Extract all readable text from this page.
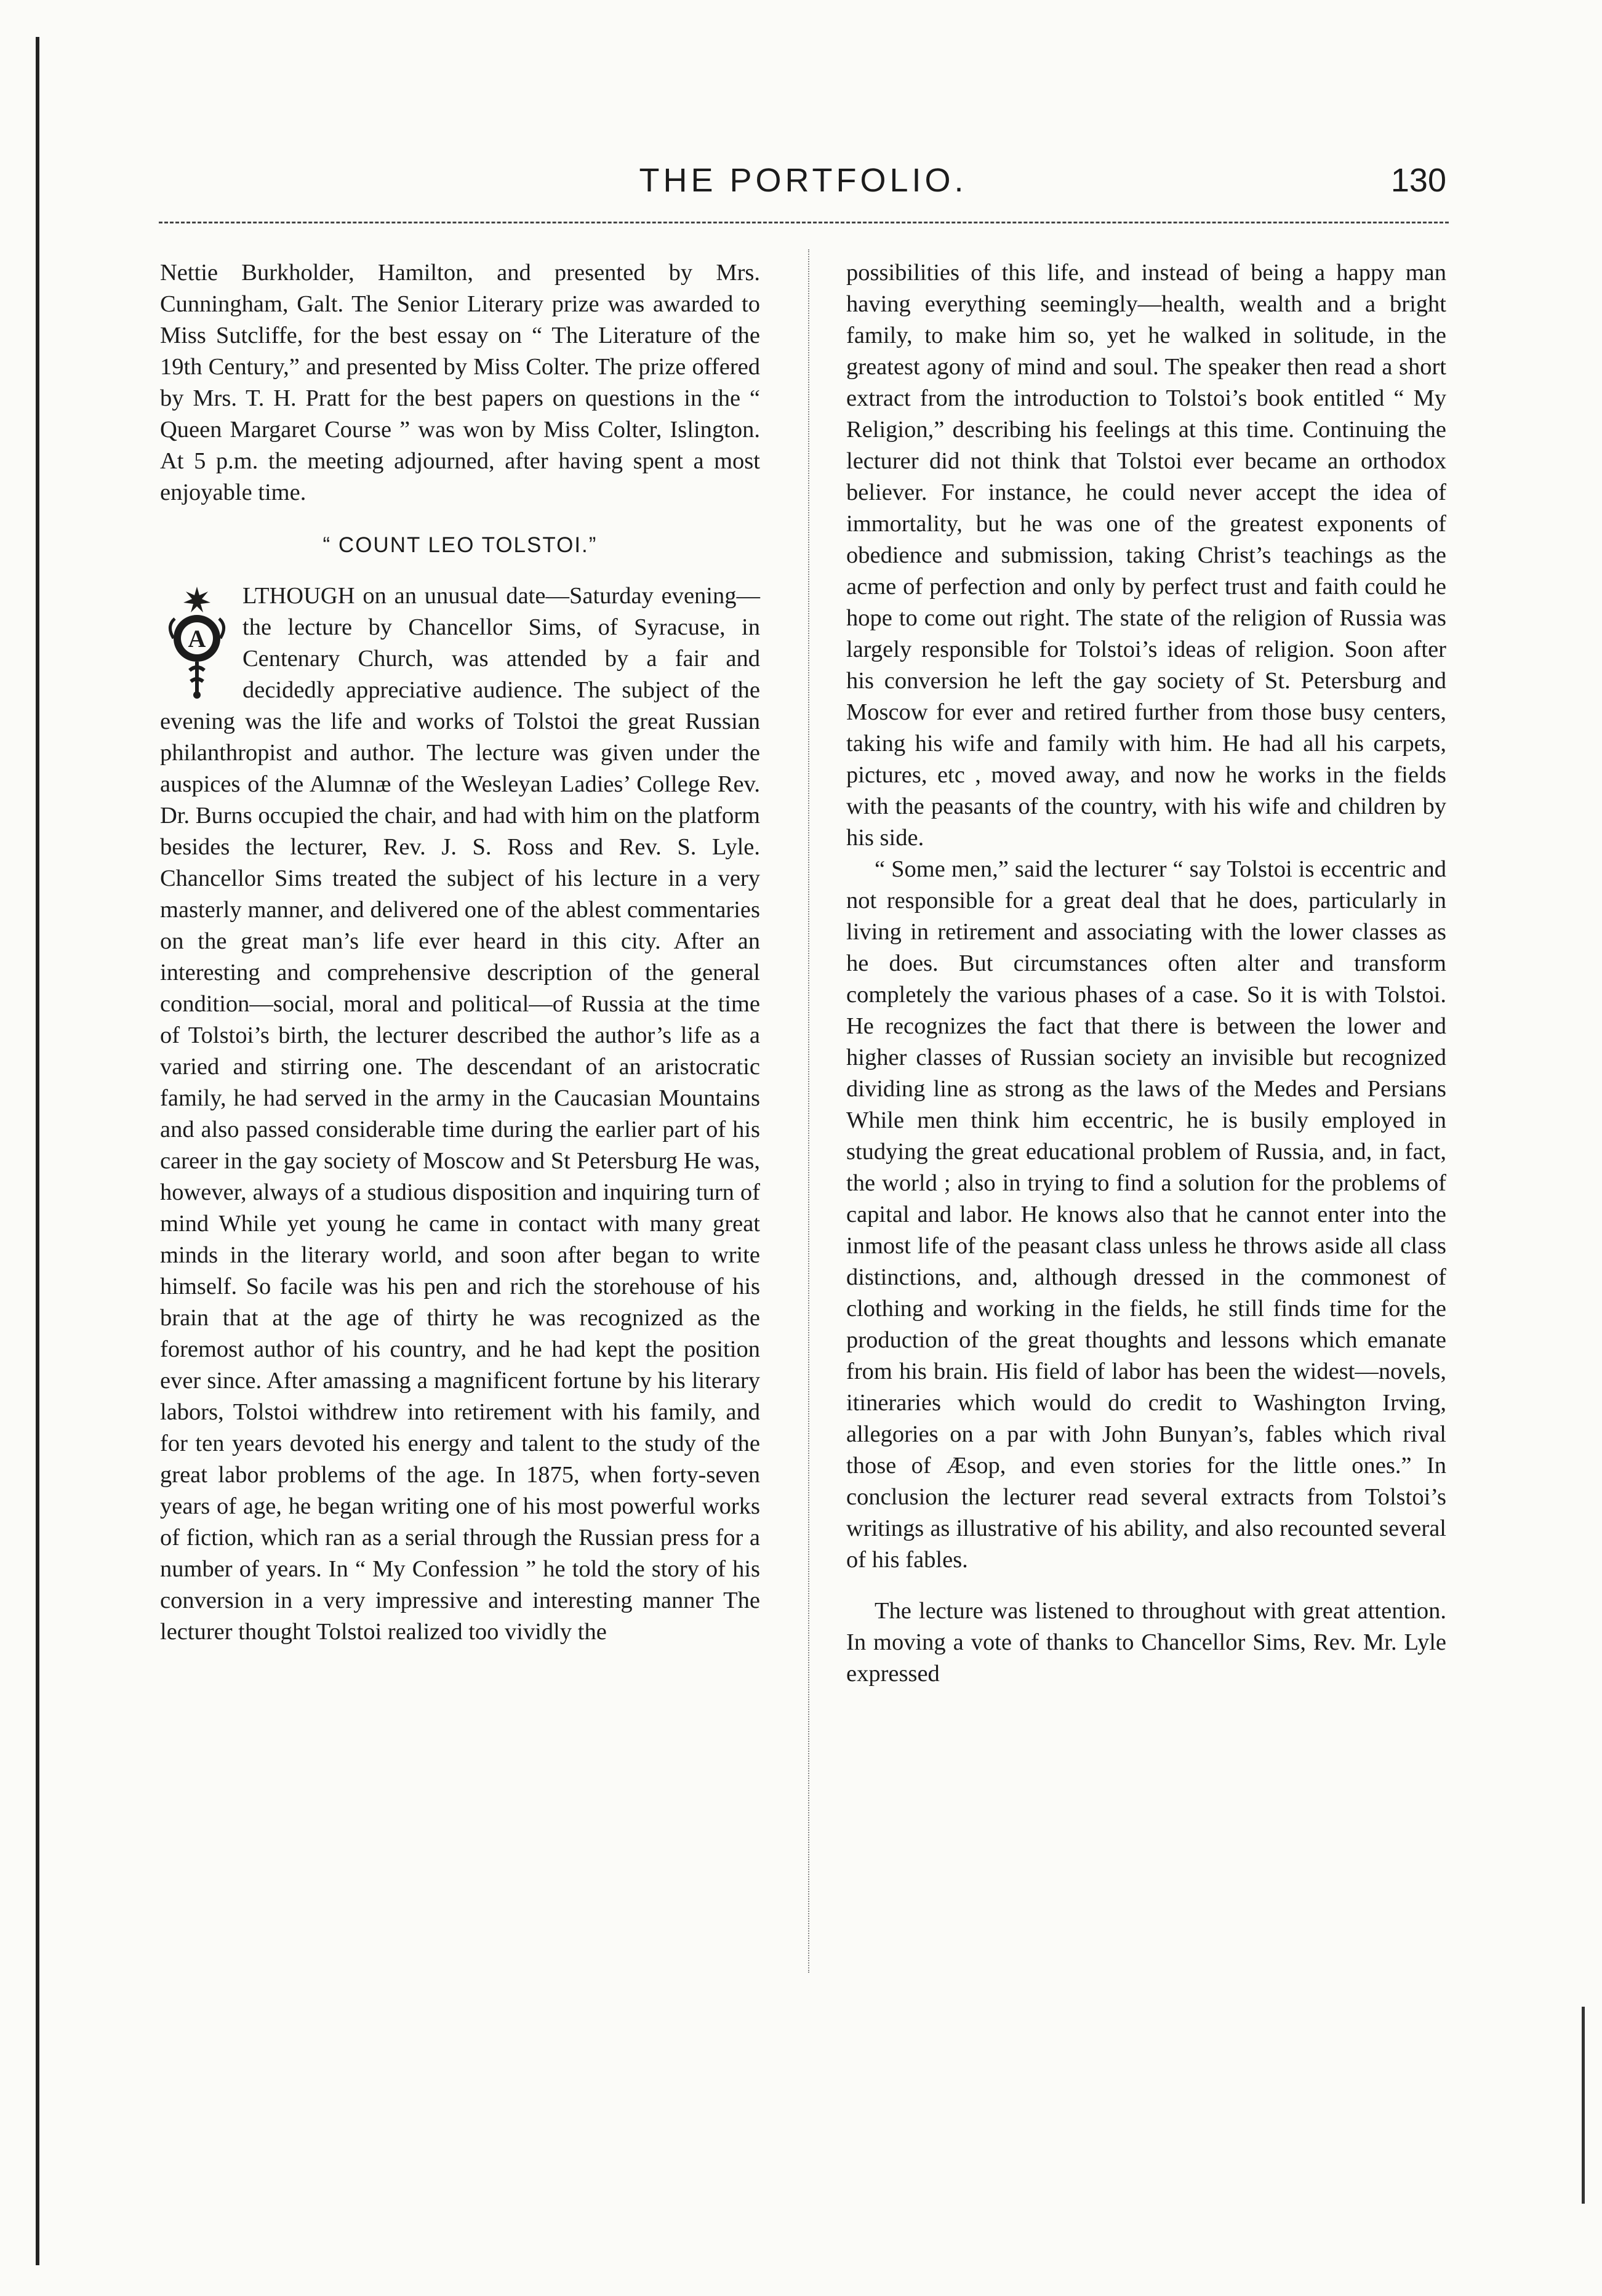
THE PORTFOLIO.	130

Nettie Burkholder, Hamilton, and presented by Mrs. Cunningham, Galt. The Senior Literary prize was awarded to Miss Sutcliffe, for the best essay on “ The Literature of the 19th Century,” and presented by Miss Colter. The prize offered by Mrs. T. H. Pratt for the best papers on questions in the “ Queen Margaret Course ” was won by Miss Colter, Islington. At 5 p.m. the meeting adjourned, after having spent a most enjoyable time.

“ COUNT LEO TOLSTOI.”

A

LTHOUGH on an unusual date—Saturday evening—the lecture by Chancellor Sims, of Syracuse, in Centenary Church, was attended by a fair and decidedly appreciative audience. The subject of the evening was the life and works of Tolstoi the great Russian philanthropist and author. The lecture was given under the auspices of the Alumnæ of the Wesleyan Ladies’ College Rev. Dr. Burns occupied the chair, and had with him on the platform besides the lecturer, Rev. J. S. Ross and Rev. S. Lyle. Chancellor Sims treated the subject of his lecture in a very masterly manner, and delivered one of the ablest commentaries on the great man’s life ever heard in this city. After an interesting and comprehensive description of the general condition—social, moral and political—of Russia at the time of Tolstoi’s birth, the lecturer described the author’s life as a varied and stirring one. The descendant of an aristocratic family, he had served in the army in the Caucasian Mountains and also passed considerable time during the earlier part of his career in the gay society of Moscow and St Petersburg He was, however, always of a studious disposition and inquiring turn of mind While yet young he came in contact with many great minds in the literary world, and soon after began to write himself. So facile was his pen and rich the storehouse of his brain that at the age of thirty he was recognized as the foremost author of his country, and he had kept the position ever since. After amassing a magnificent fortune by his literary labors, Tolstoi withdrew into retirement with his family, and for ten years devoted his energy and talent to the study of the great labor problems of the age. In 1875, when forty-seven years of age, he began writing one of his most powerful works of fiction, which ran as a serial through the Russian press for a number of years. In “ My Confession ” he told the story of his conversion in a very impressive and interesting manner The lecturer thought Tolstoi realized too vividly the

possibilities of this life, and instead of being a happy man having everything seemingly—health, wealth and a bright family, to make him so, yet he walked in solitude, in the greatest agony of mind and soul. The speaker then read a short extract from the introduction to Tolstoi’s book entitled “ My Religion,” describing his feelings at this time. Continuing the lecturer did not think that Tolstoi ever became an orthodox believer. For instance, he could never accept the idea of immortality, but he was one of the greatest exponents of obedience and submission, taking Christ’s teachings as the acme of perfection and only by perfect trust and faith could he hope to come out right. The state of the religion of Russia was largely responsible for Tolstoi’s ideas of religion. Soon after his conversion he left the gay society of St. Petersburg and Moscow for ever and retired further from those busy centers, taking his wife and family with him. He had all his carpets, pictures, etc , moved away, and now he works in the fields with the peasants of the country, with his wife and children by his side.

“ Some men,” said the lecturer “ say Tolstoi is eccentric and not responsible for a great deal that he does, particularly in living in retirement and associating with the lower classes as he does. But circumstances often alter and transform completely the various phases of a case. So it is with Tolstoi. He recognizes the fact that there is between the lower and higher classes of Russian society an invisible but recognized dividing line as strong as the laws of the Medes and Persians While men think him eccentric, he is busily employed in studying the great educational problem of Russia, and, in fact, the world ; also in trying to find a solution for the problems of capital and labor. He knows also that he cannot enter into the inmost life of the peasant class unless he throws aside all class distinctions, and, although dressed in the commonest of clothing and working in the fields, he still finds time for the production of the great thoughts and lessons which emanate from his brain. His field of labor has been the widest—novels, itineraries which would do credit to Washington Irving, allegories on a par with John Bunyan’s, fables which rival those of Æsop, and even stories for the little ones.” In conclusion the lecturer read several extracts from Tolstoi’s writings as illustrative of his ability, and also recounted several of his fables.

The lecture was listened to throughout with great attention. In moving a vote of thanks to Chancellor Sims, Rev. Mr. Lyle expressed
